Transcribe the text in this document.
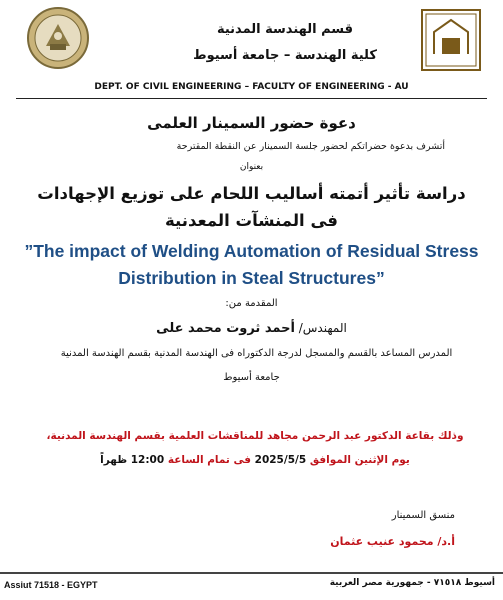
قسم الهندسة المدنية
كلية الهندسة – جامعة أسيوط
DEPT. OF CIVIL ENGINEERING – FACULTY OF ENGINEERING - AU
دعوة حضور السمينار العلمى
أتشرف بدعوة حضراتكم لحضور جلسة السمينار عن النقطة المقترحة
بعنوان
دراسة تأثير أتمته أساليب اللحام على توزيع الإجهادات فى المنشآت المعدنية
”The impact of Welding Automation of Residual Stress Distribution in Steal Structures”
المقدمة من:
المهندس/ أحمد ثروت محمد على
المدرس المساعد بالقسم والمسجل لدرجة الدكتوراه فى الهندسة المدنية بقسم الهندسة المدنية
جامعة أسيوط
وذلك بقاعة الدكتور عبد الرحمن مجاهد للمناقشات العلمية بقسم الهندسة المدنية،
يوم الإثنين الموافق 2025/5/5 فى تمام الساعة 12:00 ظهراً
منسق السمينار
أ.د/ محمود عنيب عثمان
Assiut 71518 - EGYPT	أسيوط ٧١٥١٨ - جمهورية مصر العربية
